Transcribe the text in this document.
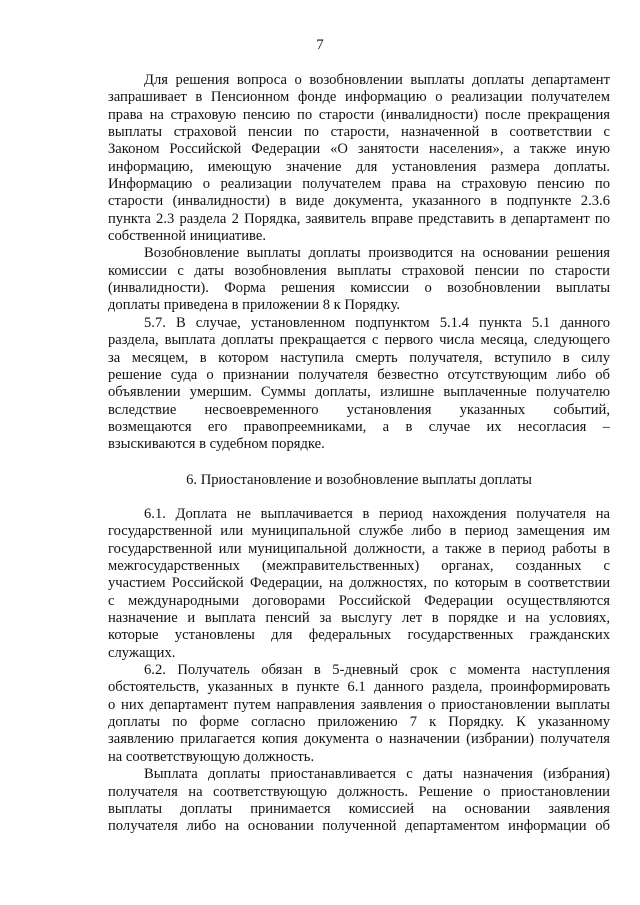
7
Для решения вопроса о возобновлении выплаты доплаты департамент
запрашивает в Пенсионном фонде информацию о реализации получателем
права на страховую пенсию по старости (инвалидности) после прекращения
выплаты страховой пенсии по старости, назначенной в соответствии с
Законом Российской Федерации «О занятости населения», а также иную
информацию, имеющую значение для установления размера доплаты.
Информацию о реализации получателем права на страховую пенсию по
старости (инвалидности) в виде документа, указанного в подпункте 2.3.6
пункта 2.3 раздела 2 Порядка, заявитель вправе представить в департамент по
собственной инициативе.
Возобновление выплаты доплаты производится на основании решения
комиссии с даты возобновления выплаты страховой пенсии по старости
(инвалидности). Форма решения комиссии о возобновлении выплаты
доплаты приведена в приложении 8 к Порядку.
5.7. В случае, установленном подпунктом 5.1.4 пункта 5.1 данного
раздела, выплата доплаты прекращается с первого числа месяца, следующего
за месяцем, в котором наступила смерть получателя, вступило в силу
решение суда о признании получателя безвестно отсутствующим либо об
объявлении умершим. Суммы доплаты, излишне выплаченные получателю
вследствие несвоевременного установления указанных событий,
возмещаются его правопреемниками, а в случае их несогласия –
взыскиваются в судебном порядке.
6. Приостановление и возобновление выплаты доплаты
6.1. Доплата не выплачивается в период нахождения получателя на
государственной или муниципальной службе либо в период замещения им
государственной или муниципальной должности, а также в период работы в
межгосударственных (межправительственных) органах, созданных с
участием Российской Федерации, на должностях, по которым в соответствии
с международными договорами Российской Федерации осуществляются
назначение и выплата пенсий за выслугу лет в порядке и на условиях,
которые установлены для федеральных государственных гражданских
служащих.
6.2. Получатель обязан в 5-дневный срок с момента наступления
обстоятельств, указанных в пункте 6.1 данного раздела, проинформировать
о них департамент путем направления заявления о приостановлении выплаты
доплаты по форме согласно приложению 7 к Порядку. К указанному
заявлению прилагается копия документа о назначении (избрании) получателя
на соответствующую должность.
Выплата доплаты приостанавливается с даты назначения (избрания)
получателя на соответствующую должность. Решение о приостановлении
выплаты доплаты принимается комиссией на основании заявления
получателя либо на основании полученной департаментом информации об
